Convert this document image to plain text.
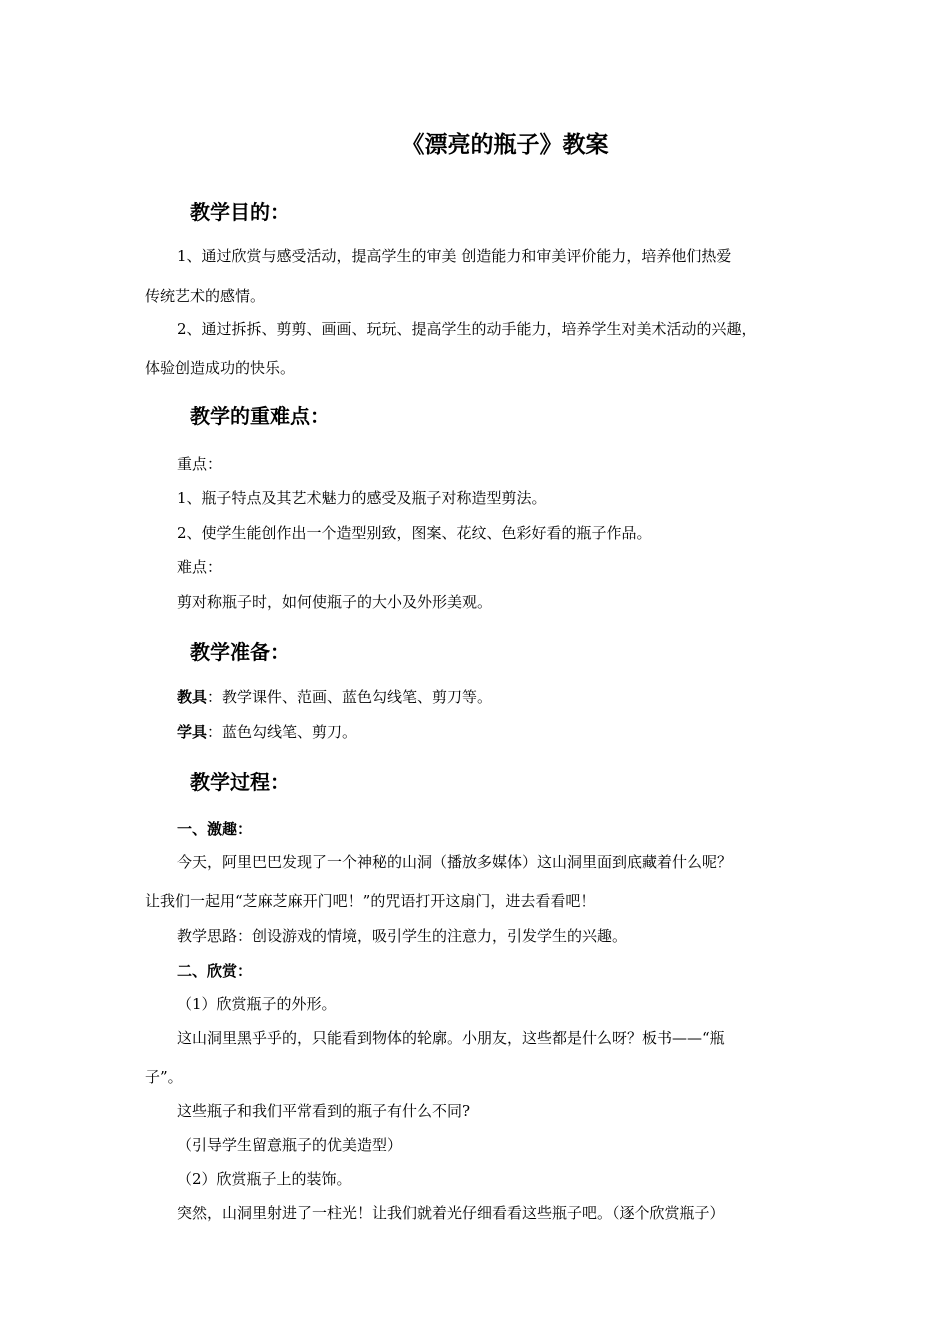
《漂亮的瓶子》教案
教学目的：
1、通过欣赏与感受活动，提高学生的审美 创造能力和审美评价能力，培养他们热爱
传统艺术的感情。
2、通过拆拆、剪剪、画画、玩玩、提高学生的动手能力，培养学生对美术活动的兴趣，
体验创造成功的快乐。
教学的重难点：
重点：
1、瓶子特点及其艺术魅力的感受及瓶子对称造型剪法。
2、使学生能创作出一个造型别致，图案、花纹、色彩好看的瓶子作品。
难点：
剪对称瓶子时，如何使瓶子的大小及外形美观。
教学准备：
教具：教学课件、范画、蓝色勾线笔、剪刀等。
学具：蓝色勾线笔、剪刀。
教学过程：
一、激趣：
今天，阿里巴巴发现了一个神秘的山洞（播放多媒体）这山洞里面到底藏着什么呢？
让我们一起用“芝麻芝麻开门吧！”的咒语打开这扇门，进去看看吧！
教学思路：创设游戏的情境，吸引学生的注意力，引发学生的兴趣。
二、欣赏：
（1）欣赏瓶子的外形。
这山洞里黑乎乎的，只能看到物体的轮廓。小朋友，这些都是什么呀？板书——“瓶
子”。
这些瓶子和我们平常看到的瓶子有什么不同?
（引导学生留意瓶子的优美造型）
（2）欣赏瓶子上的装饰。
突然，山洞里射进了一柱光！让我们就着光仔细看看这些瓶子吧。（逐个欣赏瓶子）
